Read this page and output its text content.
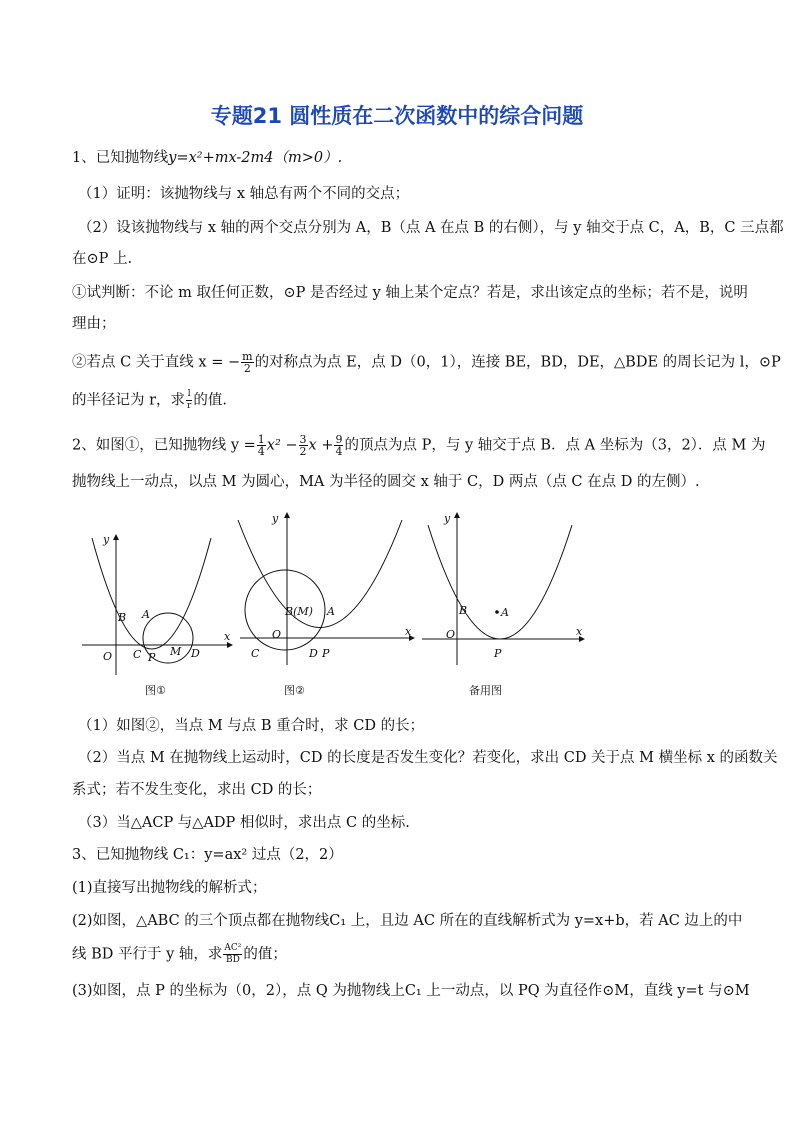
专题21 圆性质在二次函数中的综合问题
1、已知抛物线y=x²+mx-2m4（m>0）.
（1）证明：该抛物线与 x 轴总有两个不同的交点；
（2）设该抛物线与 x 轴的两个交点分别为 A，B（点 A 在点 B 的右侧），与 y 轴交于点 C，A，B，C 三点都
在⊙P 上.
①试判断：不论 m 取任何正数，⊙P 是否经过 y 轴上某个定点？若是，求出该定点的坐标；若不是，说明
理由；
②若点 C 关于直线 x = − $\frac{m}{2}$ 的对称点为点 E，点 D（0，1），连接 BE，BD，DE，△BDE 的周长记为 l，⊙P
的半径记为 r，求 $\frac{l}{r}$ 的值.
2、如图①，已知抛物线 $y = \frac{1}{4} x^2 - \frac{3}{2}$ $x + \frac{9}{4}$ 的顶点为点 P，与 y 轴交于点 B．点 A 坐标为（3，2）．点 M 为
抛物线上一动点，以点 M 为圆心，MA 为半径的圆交 x 轴于 C，D 两点（点 C 在点 D 的左侧）.
y
x
O
B A
C P M D
图①
y
x
O
B(M) A
C	D P
图②
y
x
O
B	A
P
备用图
（1）如图②，当点 M 与点 B 重合时，求 CD 的长；
（2）当点 M 在抛物线上运动时，CD 的长度是否发生变化？若变化，求出 CD 关于点 M 横坐标 x 的函数关
系式；若不发生变化，求出 CD 的长；
（3）当△ACP 与△ADP 相似时，求出点 C 的坐标.
3、已知抛物线 C₁：y=ax² 过点（2，2）
(1)直接写出抛物线的解析式；
(2)如图，△ABC 的三个顶点都在抛物线C₁ 上，且边 AC 所在的直线解析式为 y=x+b，若 AC 边上的中
线 BD 平行于 y 轴，求 $\frac{\text{AC²}}{BD}$ 的值；
(3)如图，点 P 的坐标为（0，2），点 Q 为抛物线上C₁ 上一动点，以 PQ 为直径作⊙M，直线 y=t 与⊙M
